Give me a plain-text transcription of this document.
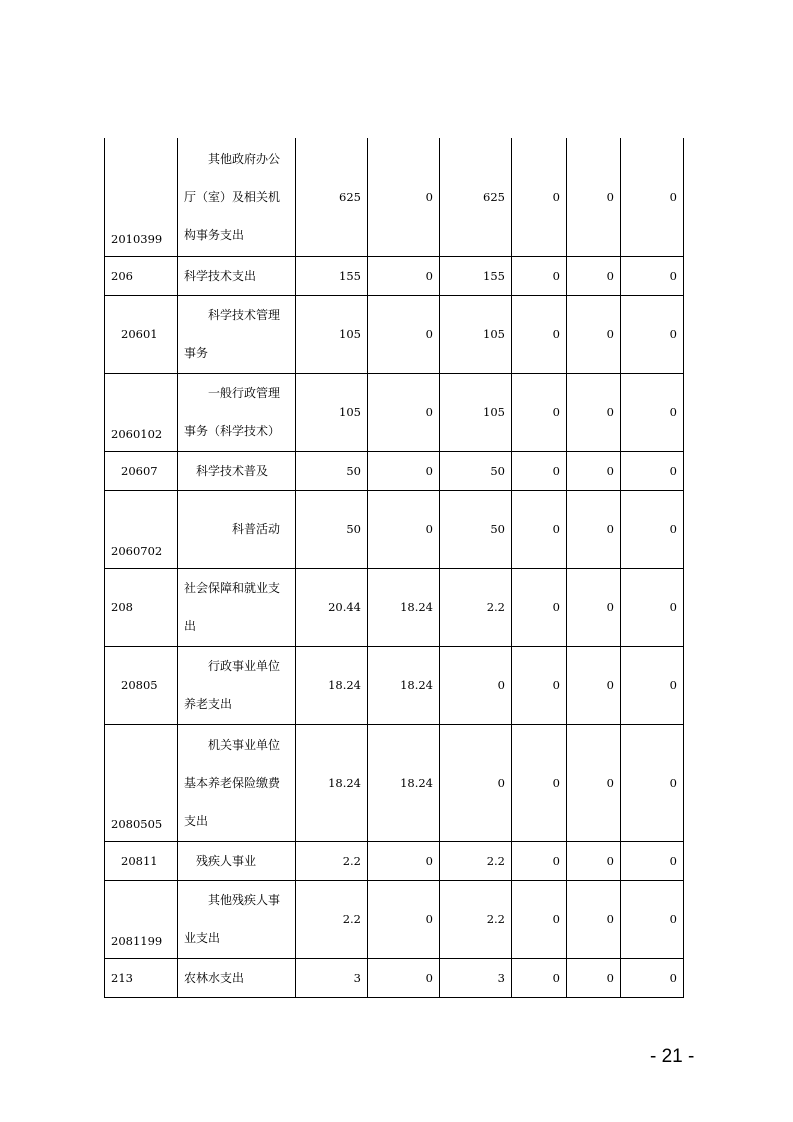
2010399	其他政府办公厅（室）及相关机构事务支出	625	0	625	0	0	0
206	科学技术支出	155	0	155	0	0	0
20601	科学技术管理事务	105	0	105	0	0	0
2060102	一般行政管理事务（科学技术）	105	0	105	0	0	0
20607	科学技术普及	50	0	50	0	0	0
2060702	科普活动	50	0	50	0	0	0
208	社会保障和就业支出	20.44	18.24	2.2	0	0	0
20805	行政事业单位养老支出	18.24	18.24	0	0	0	0
2080505	机关事业单位基本养老保险缴费支出	18.24	18.24	0	0	0	0
20811	残疾人事业	2.2	0	2.2	0	0	0
2081199	其他残疾人事业支出	2.2	0	2.2	0	0	0
213	农林水支出	3	0	3	0	0	0
- 21 -
